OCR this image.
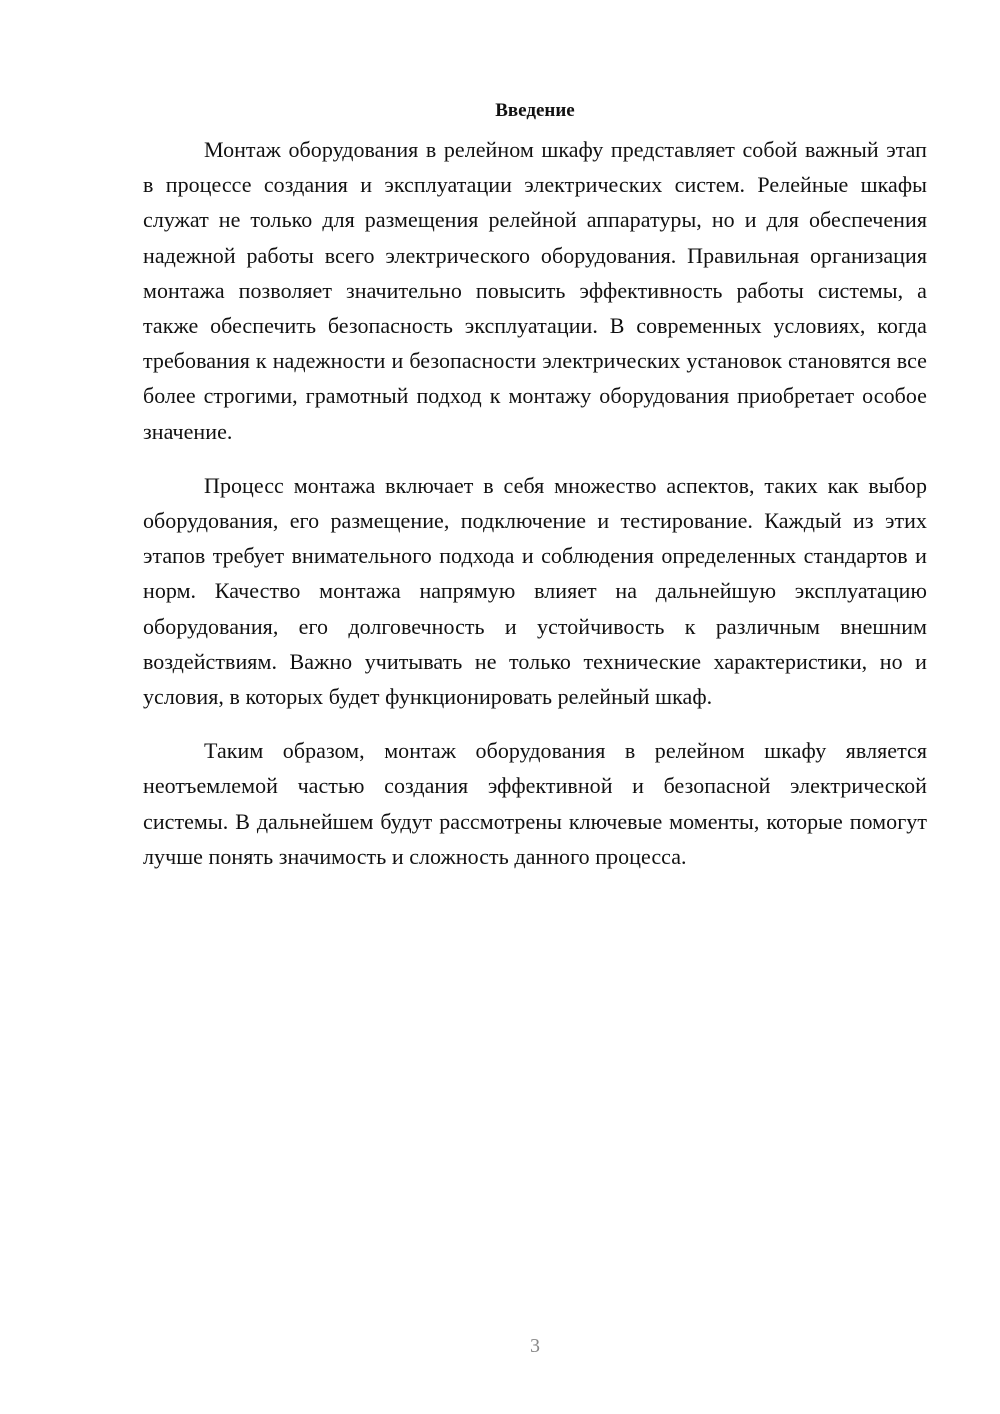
Введение

Монтаж оборудования в релейном шкафу представляет собой важный этап в процессе создания и эксплуатации электрических систем. Релейные шкафы служат не только для размещения релейной аппаратуры, но и для обеспечения надежной работы всего электрического оборудования. Правильная организация монтажа позволяет значительно повысить эффективность работы системы, а также обеспечить безопасность эксплуатации. В современных условиях, когда требования к надежности и безопасности электрических установок становятся все более строгими, грамотный подход к монтажу оборудования приобретает особое значение.

Процесс монтажа включает в себя множество аспектов, таких как выбор оборудования, его размещение, подключение и тестирование. Каждый из этих этапов требует внимательного подхода и соблюдения определенных стандартов и норм. Качество монтажа напрямую влияет на дальнейшую эксплуатацию оборудования, его долговечность и устойчивость к различным внешним воздействиям. Важно учитывать не только технические характеристики, но и условия, в которых будет функционировать релейный шкаф.

Таким образом, монтаж оборудования в релейном шкафу является неотъемлемой частью создания эффективной и безопасной электрической системы. В дальнейшем будут рассмотрены ключевые моменты, которые помогут лучше понять значимость и сложность данного процесса.

3
